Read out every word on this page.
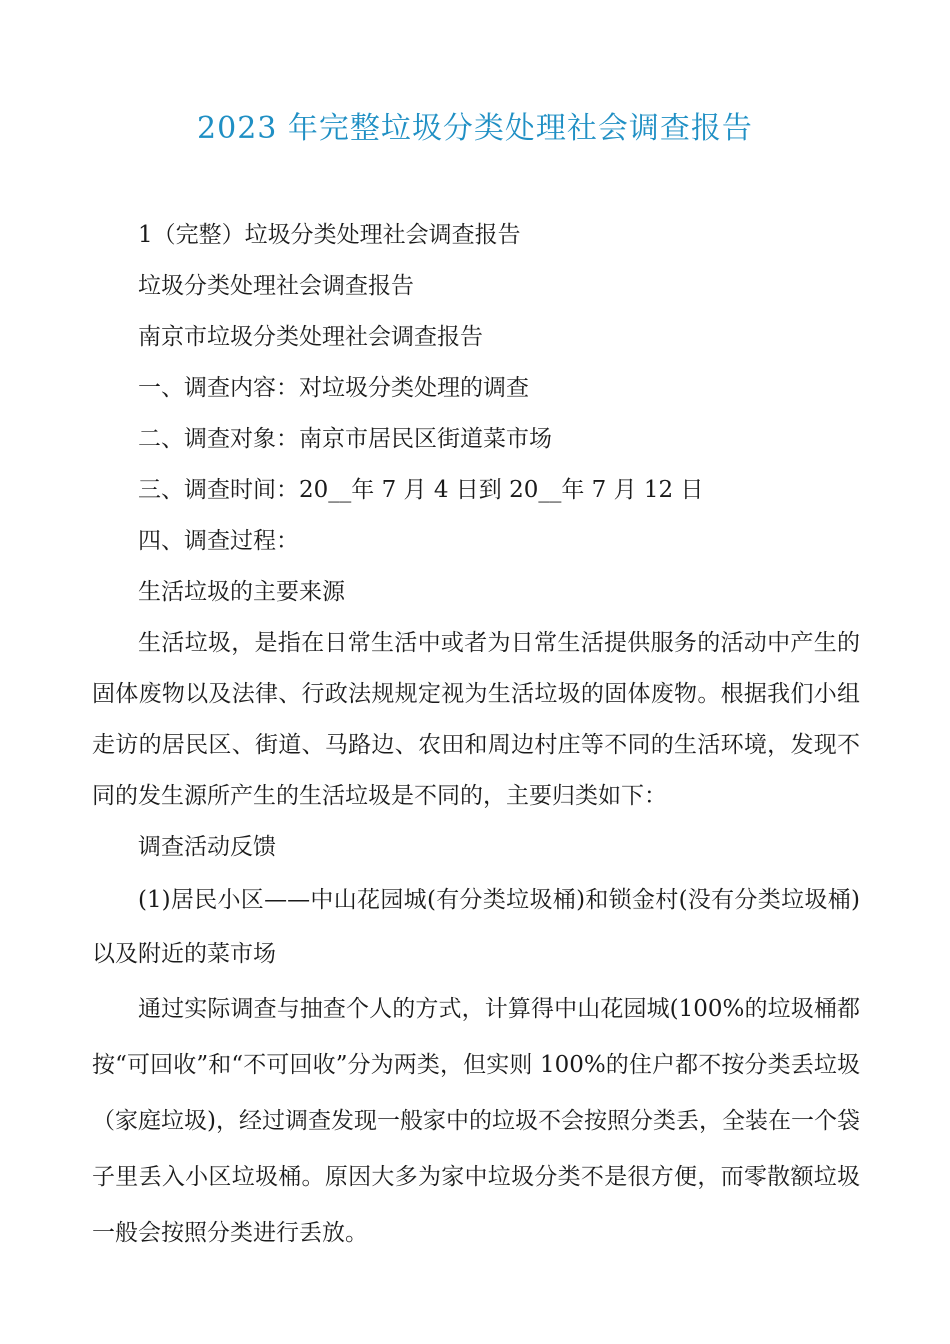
2023 年完整垃圾分类处理社会调查报告

1（完整）垃圾分类处理社会调查报告

垃圾分类处理社会调查报告

南京市垃圾分类处理社会调查报告

一、调查内容：对垃圾分类处理的调查

二、调查对象：南京市居民区街道菜市场

三、调查时间：20__年 7 月 4 日到 20__年 7 月 12 日

四、调查过程：

生活垃圾的主要来源

生活垃圾，是指在日常生活中或者为日常生活提供服务的活动中产生的固体废物以及法律、行政法规规定视为生活垃圾的固体废物。根据我们小组走访的居民区、街道、马路边、农田和周边村庄等不同的生活环境，发现不同的发生源所产生的生活垃圾是不同的，主要归类如下：

调查活动反馈

(1)居民小区——中山花园城(有分类垃圾桶)和锁金村(没有分类垃圾桶)以及附近的菜市场

通过实际调查与抽查个人的方式，计算得中山花园城(100%的垃圾桶都按“可回收”和“不可回收”分为两类，但实则 100%的住户都不按分类丢垃圾（家庭垃圾)，经过调查发现一般家中的垃圾不会按照分类丢，全装在一个袋子里丢入小区垃圾桶。原因大多为家中垃圾分类不是很方便，而零散额垃圾一般会按照分类进行丢放。
